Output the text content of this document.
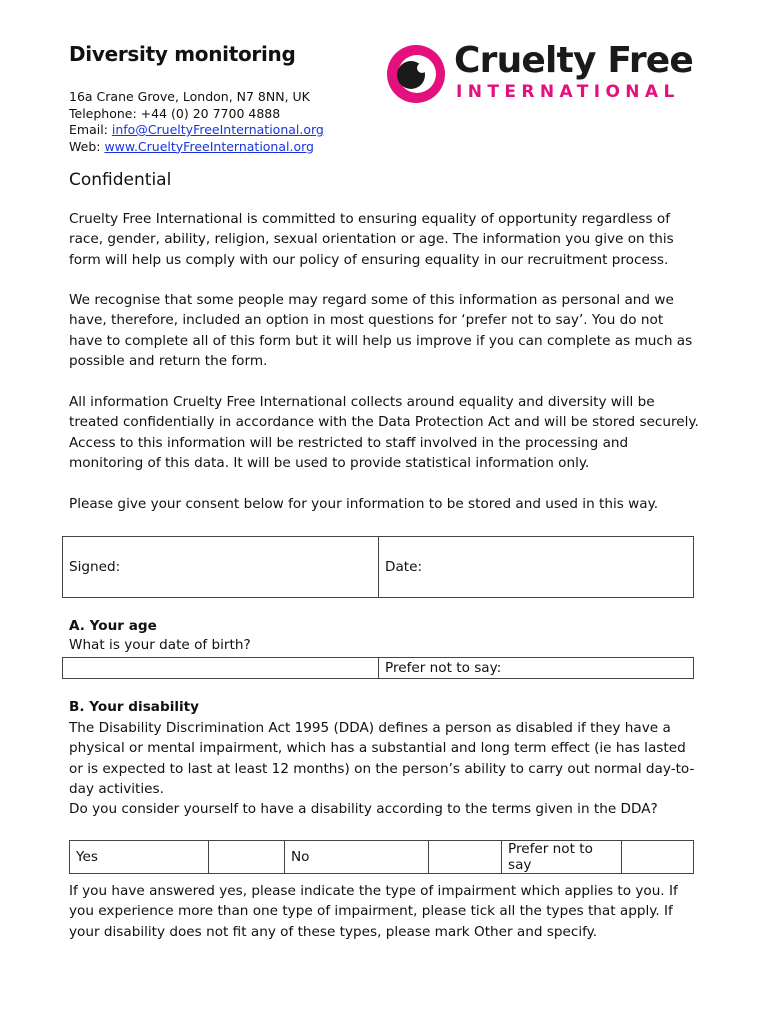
Diversity monitoring
16a Crane Grove, London, N7 8NN, UK
Telephone: +44 (0) 20 7700 4888
Email: info@CrueltyFreeInternational.org
Web: www.CrueltyFreeInternational.org
Cruelty Free
INTERNATIONAL
Confidential

Cruelty Free International is committed to ensuring equality of opportunity regardless of race, gender, ability, religion, sexual orientation or age. The information you give on this form will help us comply with our policy of ensuring equality in our recruitment process.

We recognise that some people may regard some of this information as personal and we have, therefore, included an option in most questions for ‘prefer not to say’. You do not have to complete all of this form but it will help us improve if you can complete as much as possible and return the form.

All information Cruelty Free International collects around equality and diversity will be treated confidentially in accordance with the Data Protection Act and will be stored securely. Access to this information will be restricted to staff involved in the processing and monitoring of this data. It will be used to provide statistical information only.

Please give your consent below for your information to be stored and used in this way.

Signed:	Date:
A. Your age
What is your date of birth?
	Prefer not to say:
B. Your disability

The Disability Discrimination Act 1995 (DDA) defines a person as disabled if they have a physical or mental impairment, which has a substantial and long term effect (ie has lasted or is expected to last at least 12 months) on the person’s ability to carry out normal day-to-day activities.

Do you consider yourself to have a disability according to the terms given in the DDA?

Yes		No		Prefer not to say	

If you have answered yes, please indicate the type of impairment which applies to you. If you experience more than one type of impairment, please tick all the types that apply. If your disability does not fit any of these types, please mark Other and specify.
